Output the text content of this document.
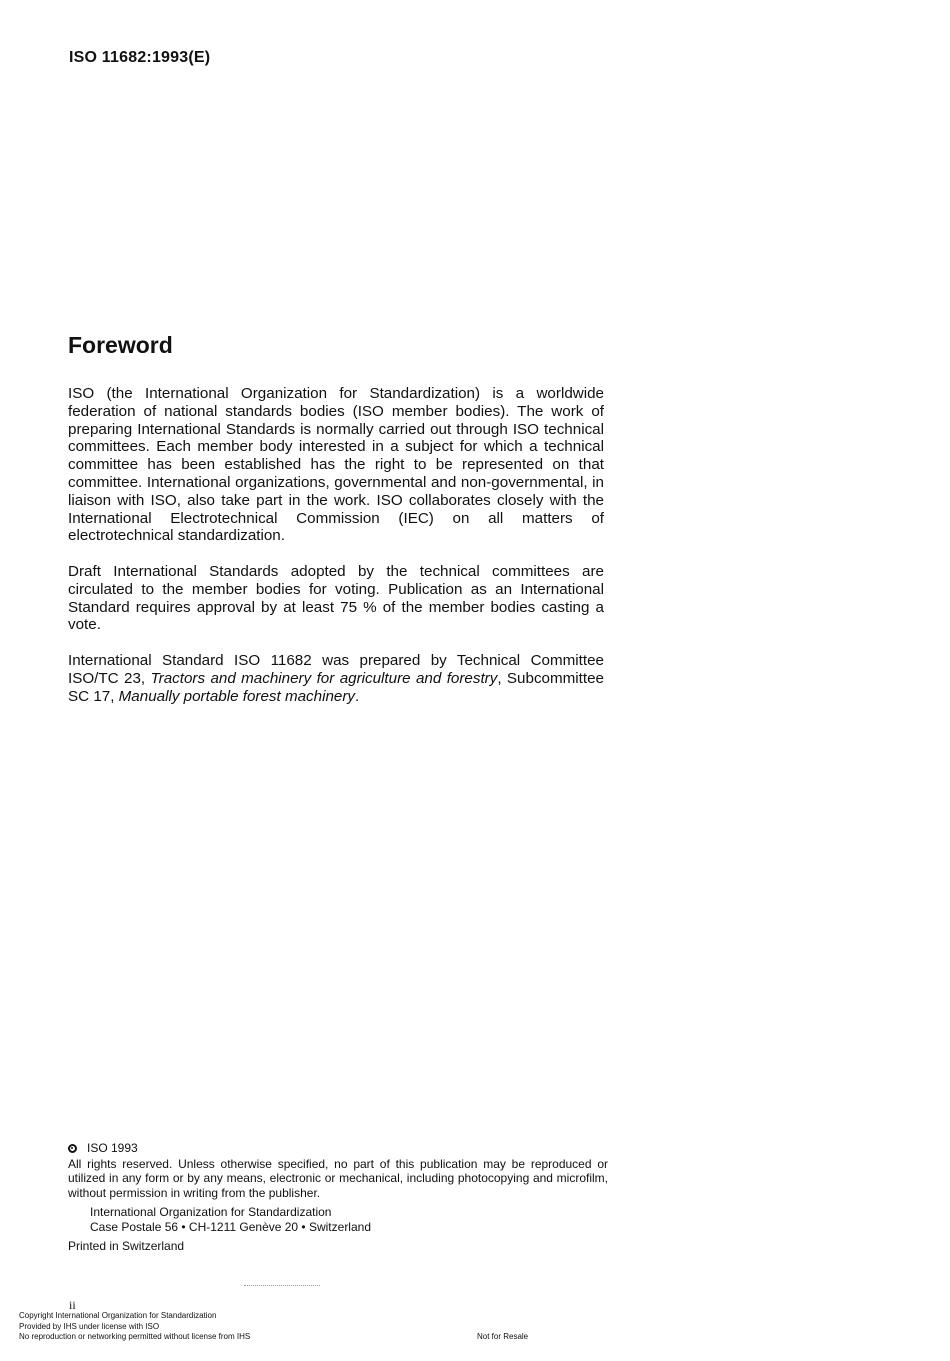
ISO 11682:1993(E)
Foreword

ISO (the International Organization for Standardization) is a worldwide federation of national standards bodies (ISO member bodies). The work of preparing International Standards is normally carried out through ISO technical committees. Each member body interested in a subject for which a technical committee has been established has the right to be represented on that committee. International organizations, governmental and non-governmental, in liaison with ISO, also take part in the work. ISO collaborates closely with the International Electrotechnical Commission (IEC) on all matters of electrotechnical standardization.

Draft International Standards adopted by the technical committees are circulated to the member bodies for voting. Publication as an International Standard requires approval by at least 75 % of the member bodies casting a vote.

International Standard ISO 11682 was prepared by Technical Committee ISO/TC 23, Tractors and machinery for agriculture and forestry, Subcommittee SC 17, Manually portable forest machinery.

ISO 1993
All rights reserved. Unless otherwise specified, no part of this publication may be reproduced or utilized in any form or by any means, electronic or mechanical, including photocopying and microfilm, without permission in writing from the publisher.
International Organization for Standardization
Case Postale 56 • CH-1211 Genève 20 • Switzerland
Printed in Switzerland
ii
Copyright International Organization for Standardization
Provided by IHS under license with ISO
No reproduction or networking permitted without license from IHS	Not for Resale
